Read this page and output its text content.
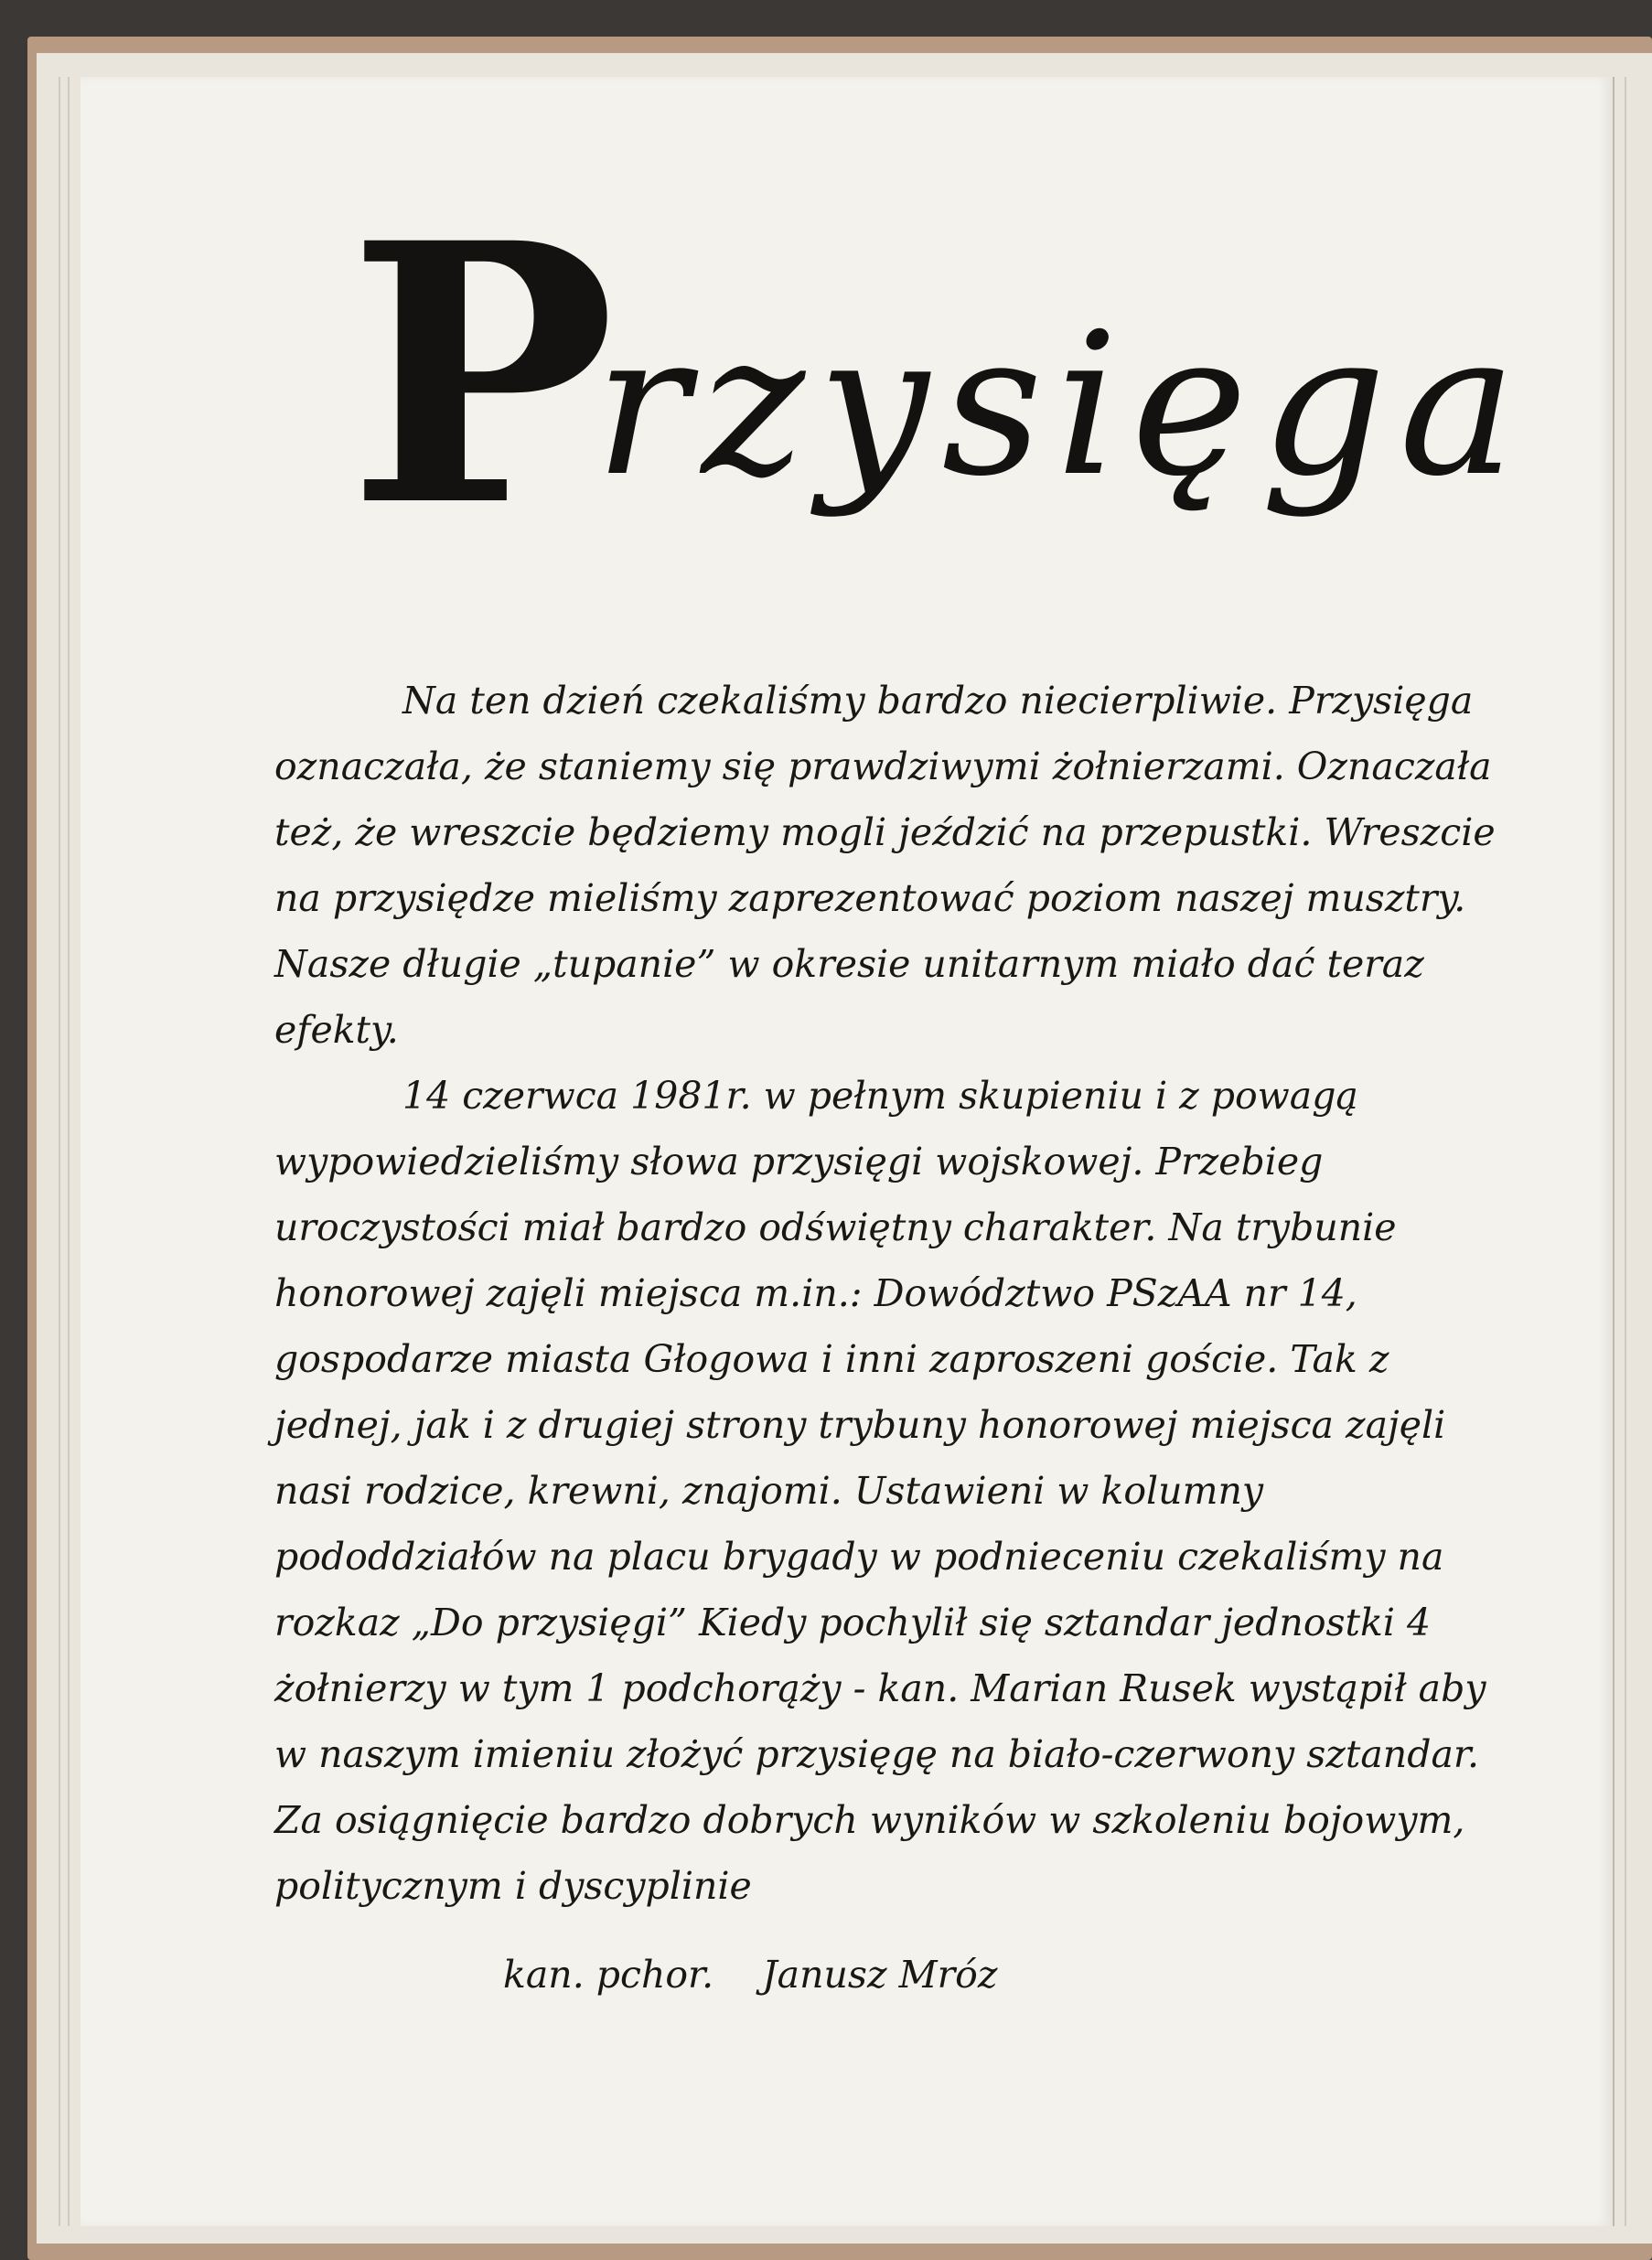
P
rzysięga

Na ten dzień czekaliśmy bardzo niecierpliwie. Przysięga oznaczała, że staniemy się prawdziwymi żołnierzami. Oznaczała też, że wreszcie będziemy mogli jeździć na przepustki. Wreszcie na przysiędze mieliśmy zaprezentować poziom naszej musztry. Nasze długie „tupanie” w okresie unitarnym miało dać teraz efekty.

14 czerwca 1981r. w pełnym skupieniu i z powagą wypowiedzieliśmy słowa przysięgi wojskowej. Przebieg uroczystości miał bardzo odświętny charakter. Na trybunie honorowej zajęli miejsca m.in.: Dowództwo PSzAA nr 14, gospodarze miasta Głogowa i inni zaproszeni goście. Tak z jednej, jak i z drugiej strony trybuny honorowej miejsca zajęli nasi rodzice, krewni, znajomi. Ustawieni w kolumny pododdziałów na placu brygady w podnieceniu czekaliśmy na rozkaz „Do przysięgi” Kiedy pochylił się sztandar jednostki 4 żołnierzy w tym 1 podchorąży - kan. Marian Rusek wystąpił aby w naszym imieniu złożyć przysięgę na biało-czerwony sztandar. Za osiągnięcie bardzo dobrych wyników w szkoleniu bojowym, politycznym i dyscyplinie

kan. pchor. Janusz Mróz
